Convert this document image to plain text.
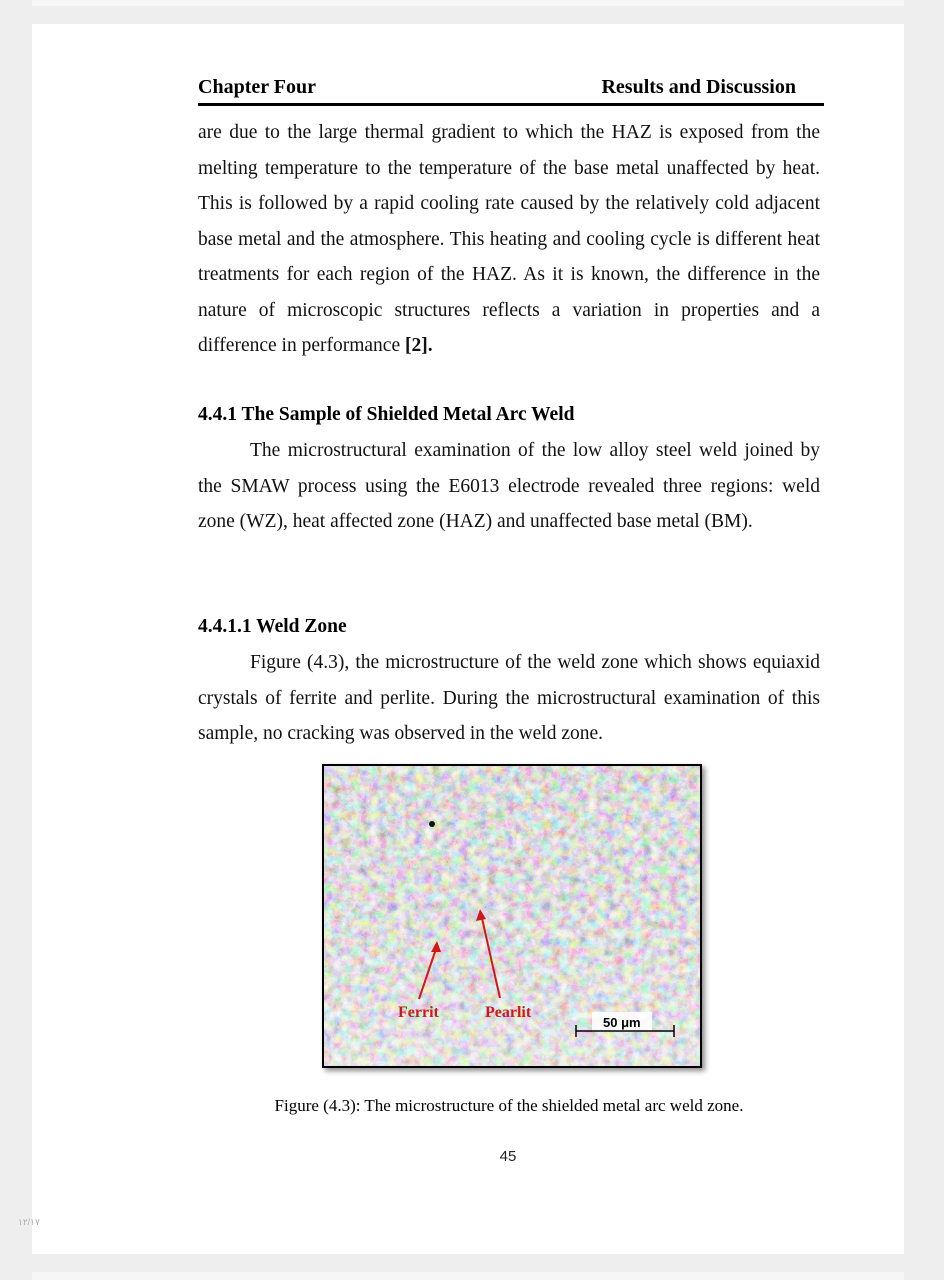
Chapter Four	Results and Discussion

are due to the large thermal gradient to which the HAZ is exposed from the melting temperature to the temperature of the base metal unaffected by heat. This is followed by a rapid cooling rate caused by the relatively cold adjacent base metal and the atmosphere. This heating and cooling cycle is different heat treatments for each region of the HAZ. As it is known, the difference in the nature of microscopic structures reflects a variation in properties and a difference in performance [2].

4.4.1 The Sample of Shielded Metal Arc Weld

The microstructural examination of the low alloy steel weld joined by the SMAW process using the E6013 electrode revealed three regions: weld zone (WZ), heat affected zone (HAZ) and unaffected base metal (BM).

4.4.1.1 Weld Zone

Figure (4.3), the microstructure of the weld zone which shows equiaxid crystals of ferrite and perlite. During the microstructural examination of this sample, no cracking was observed in the weld zone.

Ferrit	Pearlit
50 μm

Figure (4.3): The microstructure of the shielded metal arc weld zone.

45
١٢/١٧
